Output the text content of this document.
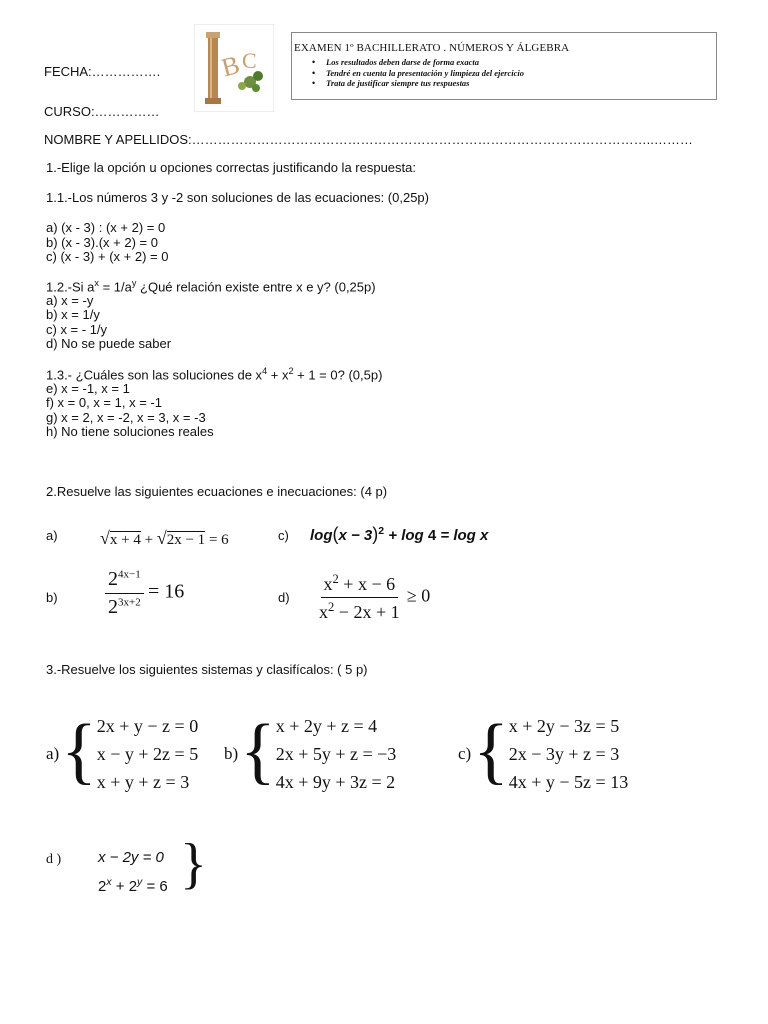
FECHA:…………….
CURSO:……………
NOMBRE Y APELLIDOS:……………………………………………………………………………………………..………
B C	EXAMEN 1º BACHILLERATO . NÚMEROS Y ÁLGEBRA
• Los resultados deben darse de forma exacta
• Tendré en cuenta la presentación y limpieza del ejercicio
• Trata de justificar siempre tus respuestas
1.-Elige la opción u opciones correctas justificando la respuesta:
1.1.-Los números 3 y -2 son soluciones de las ecuaciones: (0,25p)
a) (x - 3) : (x + 2) = 0
b) (x - 3).(x + 2) = 0
c) (x - 3) + (x + 2) = 0
1.2.-Si $a^x = 1/a^y$ ¿Qué relación existe entre x e y? (0,25p)
a) x = -y
b) x = 1/y
c) x = - 1/y
d) No se puede saber
1.3.- ¿Cuáles son las soluciones de $x^4 + x^2 + 1 = 0$? (0,5p)
e) x = -1, x = 1
f) x = 0, x = 1, x = -1
g) x = 2, x = -2, x = 3, x = -3
h) No tiene soluciones reales
2.Resuelve las siguientes ecuaciones e inecuaciones: (4 p)
a) √x + 4 + √2x − 1 = 6	c) $\log(x - 3)^2 + \log 4 = \log x$
$b) \frac{2^{4x-1}}{2^{3x+2}} = 16$	$d) \frac{x^2 + x - 6}{x^2 - 2x + 1} \ge 0$
3.-Resuelve los siguientes sistemas y clasifícalos: ( 5 p)
a) { 2x + y − z = 0
x − y + 2z = 5
x + y + z = 3
b) { x + 2y + z = 4
2x + 5y + z = −3
4x + 9y + 3z = 2
c) { x + 2y − 3z = 5
2x − 3y + z = 3
4x + y − 5z = 13
d ) x − 2y = 0
$2^x + 2^y = 6$ }
